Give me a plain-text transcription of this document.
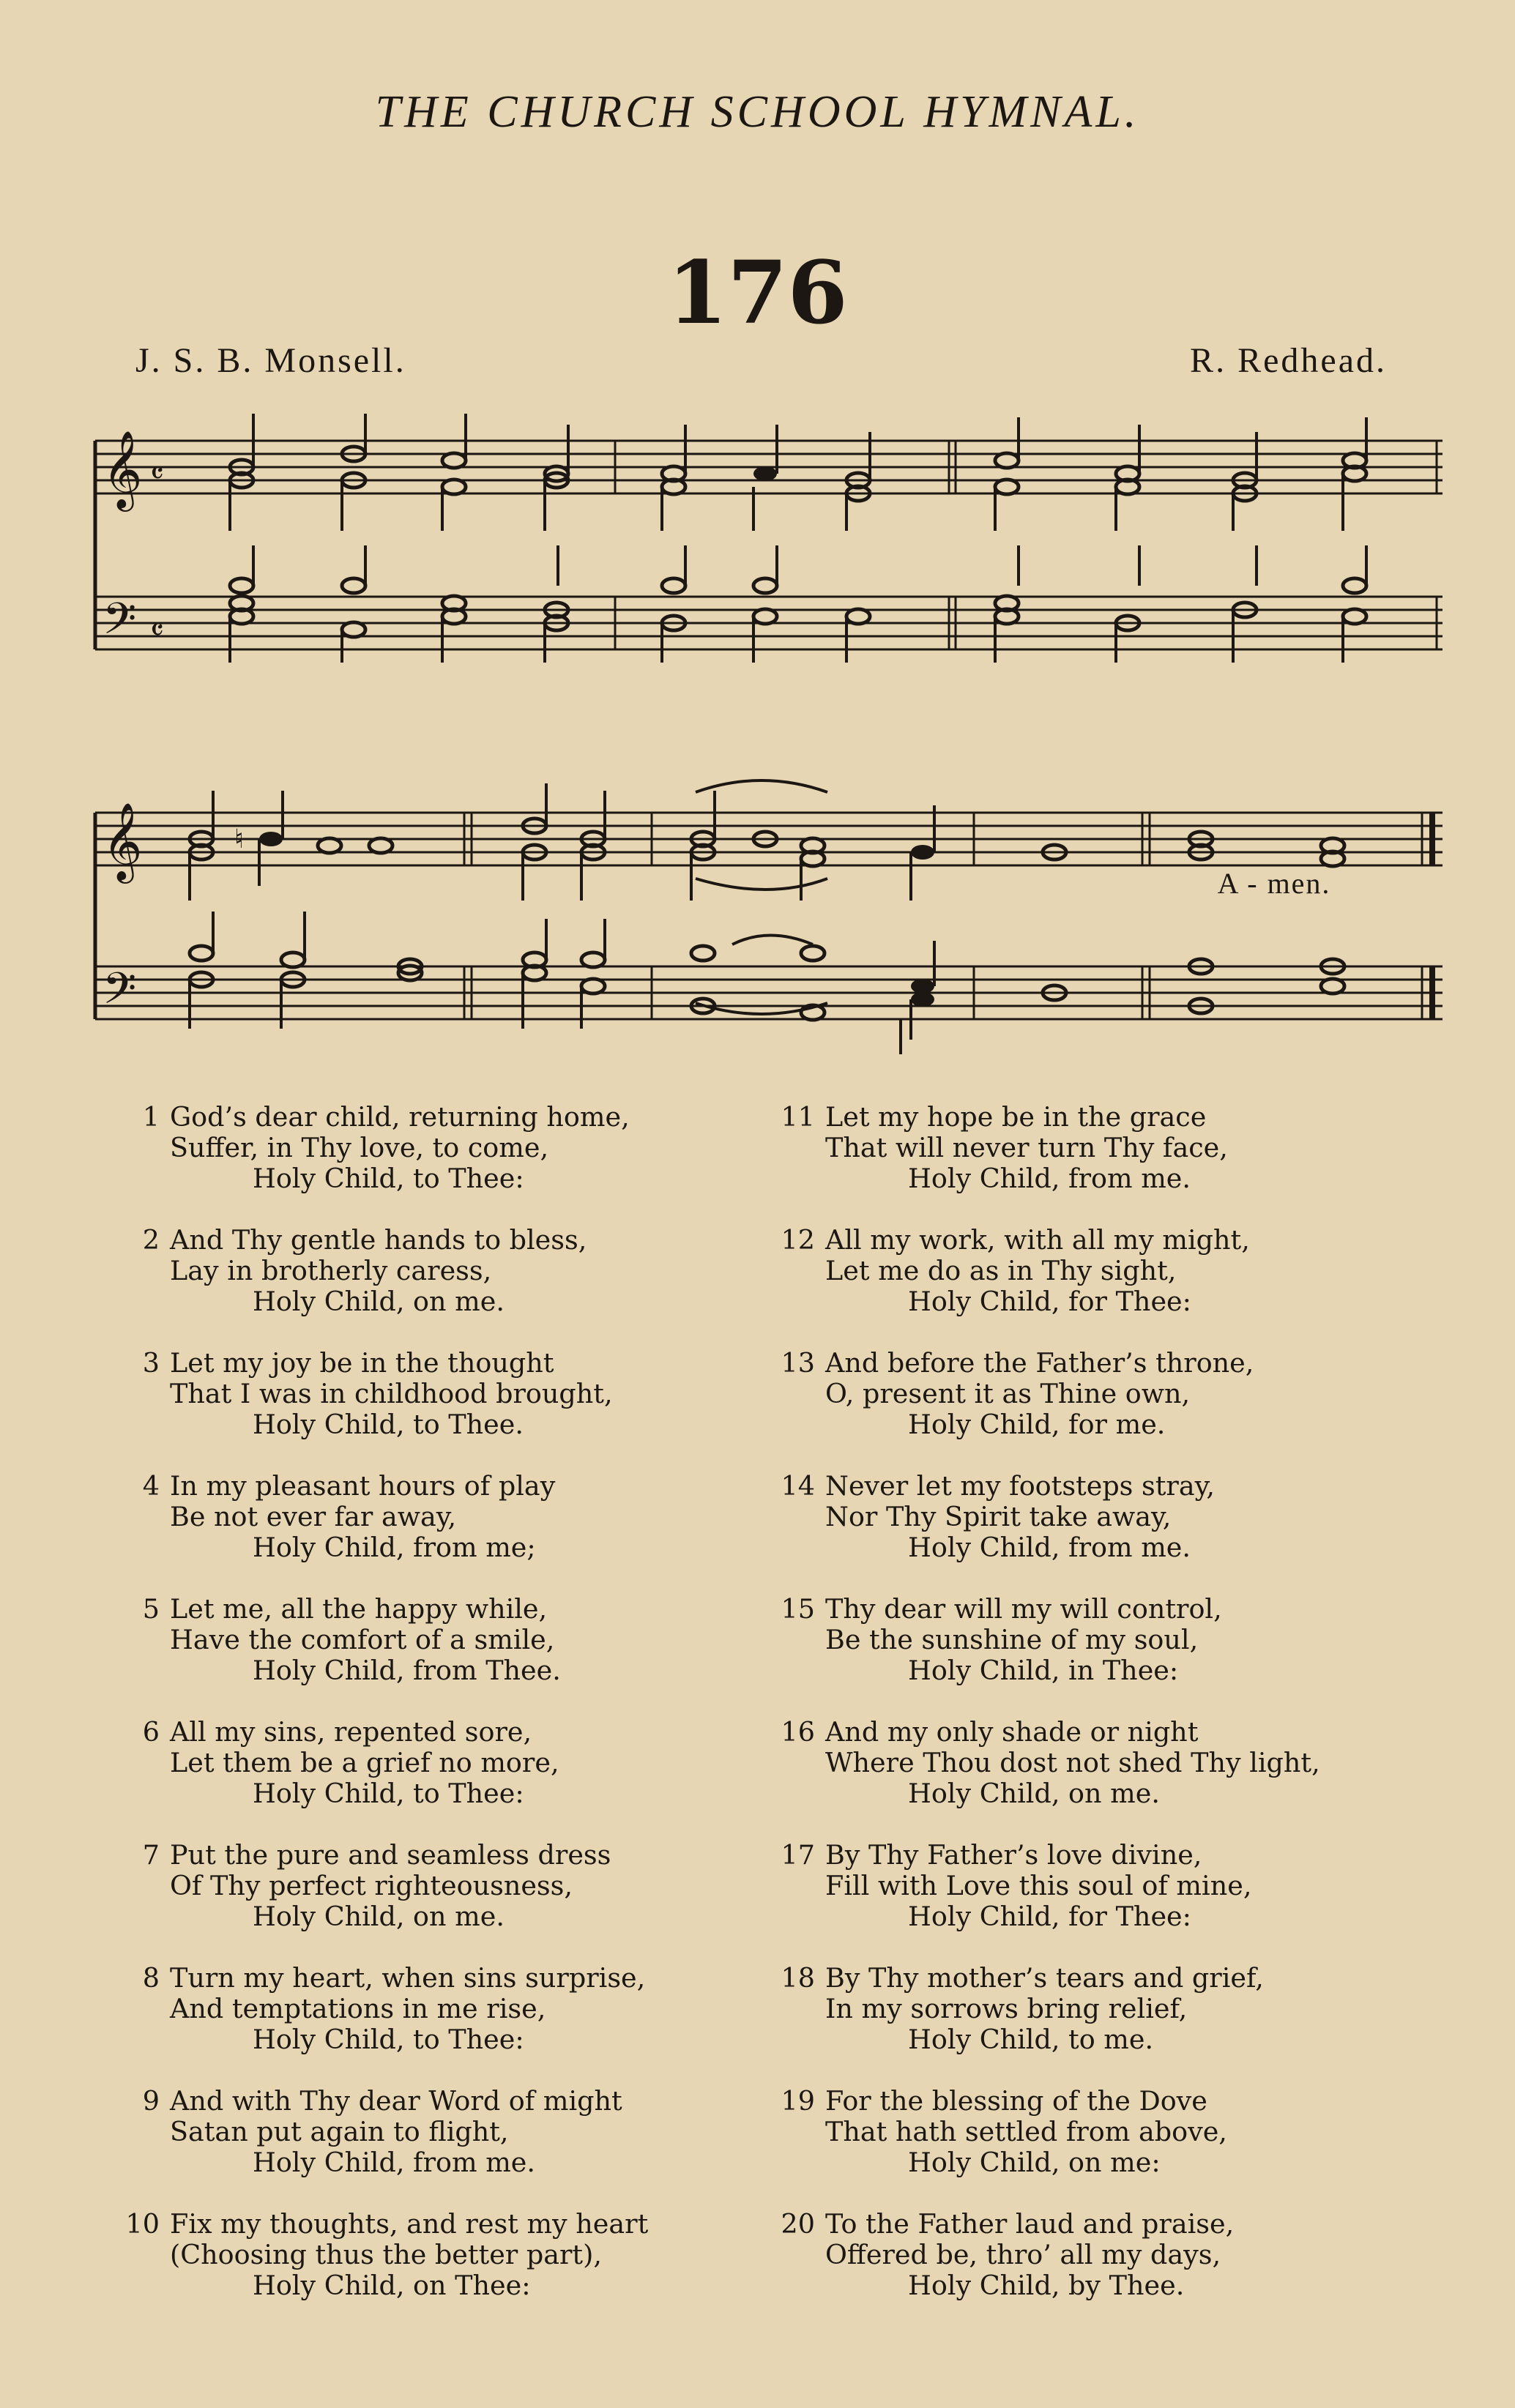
THE CHURCH SCHOOL HYMNAL.
176
J. S. B. Monsell.	R. Redhead.
𝄞
𝄢
𝄴
𝄴
𝄞
𝄢
♮
A - men.
1 God’s dear child, returning home,
Suffer, in Thy love, to come,
Holy Child, to Thee:
2 And Thy gentle hands to bless,
Lay in brotherly caress,
Holy Child, on me.
3 Let my joy be in the thought
That I was in childhood brought,
Holy Child, to Thee.
4 In my pleasant hours of play
Be not ever far away,
Holy Child, from me;
5 Let me, all the happy while,
Have the comfort of a smile,
Holy Child, from Thee.
6 All my sins, repented sore,
Let them be a grief no more,
Holy Child, to Thee:
7 Put the pure and seamless dress
Of Thy perfect righteousness,
Holy Child, on me.
8 Turn my heart, when sins surprise,
And temptations in me rise,
Holy Child, to Thee:
9 And with Thy dear Word of might
Satan put again to flight,
Holy Child, from me.
10 Fix my thoughts, and rest my heart
(Choosing thus the better part),
Holy Child, on Thee:
11 Let my hope be in the grace
That will never turn Thy face,
Holy Child, from me.
12 All my work, with all my might,
Let me do as in Thy sight,
Holy Child, for Thee:
13 And before the Father’s throne,
O, present it as Thine own,
Holy Child, for me.
14 Never let my footsteps stray,
Nor Thy Spirit take away,
Holy Child, from me.
15 Thy dear will my will control,
Be the sunshine of my soul,
Holy Child, in Thee:
16 And my only shade or night
Where Thou dost not shed Thy light,
Holy Child, on me.
17 By Thy Father’s love divine,
Fill with Love this soul of mine,
Holy Child, for Thee:
18 By Thy mother’s tears and grief,
In my sorrows bring relief,
Holy Child, to me.
19 For the blessing of the Dove
That hath settled from above,
Holy Child, on me:
20 To the Father laud and praise,
Offered be, thro’ all my days,
Holy Child, by Thee.
